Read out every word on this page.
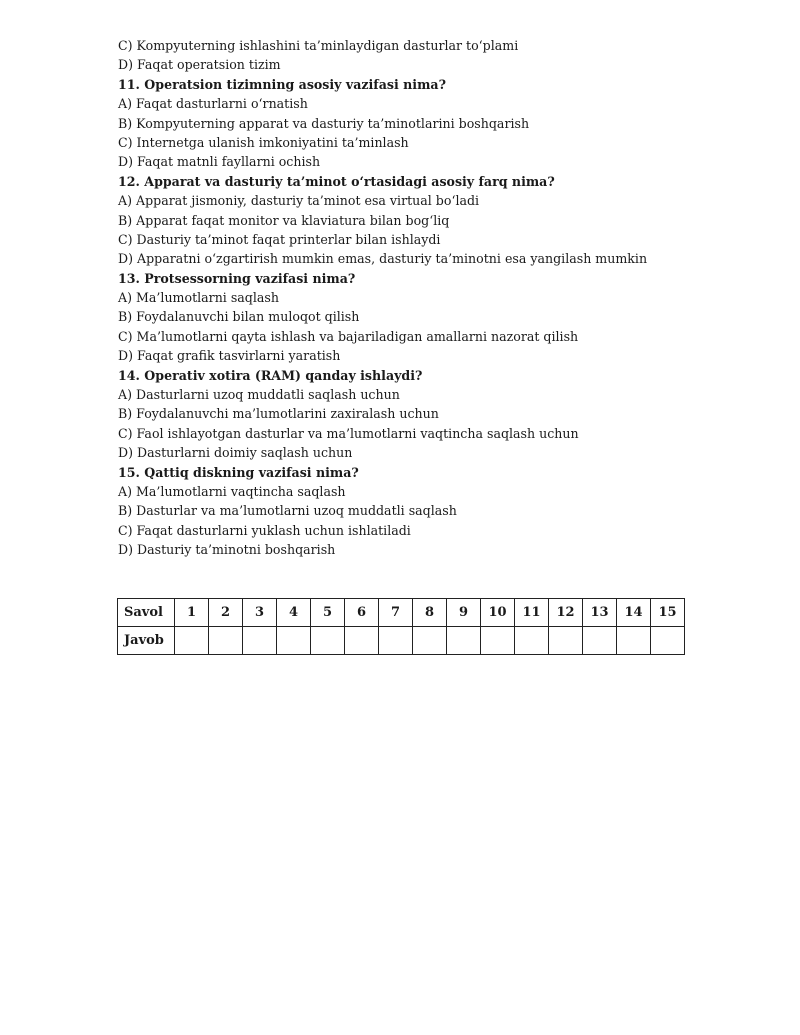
C) Kompyuterning ishlashini ta’minlaydigan dasturlar to‘plami
D) Faqat operatsion tizim
11. Operatsion tizimning asosiy vazifasi nima?
A) Faqat dasturlarni o‘rnatish
B) Kompyuterning apparat va dasturiy ta’minotlarini boshqarish
C) Internetga ulanish imkoniyatini ta’minlash
D) Faqat matnli fayllarni ochish
12. Apparat va dasturiy ta’minot o‘rtasidagi asosiy farq nima?
A) Apparat jismoniy, dasturiy ta’minot esa virtual bo‘ladi
B) Apparat faqat monitor va klaviatura bilan bog‘liq
C) Dasturiy ta’minot faqat printerlar bilan ishlaydi
D) Apparatni o‘zgartirish mumkin emas, dasturiy ta’minotni esa yangilash mumkin
13. Protsessorning vazifasi nima?
A) Ma’lumotlarni saqlash
B) Foydalanuvchi bilan muloqot qilish
C) Ma’lumotlarni qayta ishlash va bajariladigan amallarni nazorat qilish
D) Faqat grafik tasvirlarni yaratish
14. Operativ xotira (RAM) qanday ishlaydi?
A) Dasturlarni uzoq muddatli saqlash uchun
B) Foydalanuvchi ma’lumotlarini zaxiralash uchun
C) Faol ishlayotgan dasturlar va ma’lumotlarni vaqtincha saqlash uchun
D) Dasturlarni doimiy saqlash uchun
15. Qattiq diskning vazifasi nima?
A) Ma’lumotlarni vaqtincha saqlash
B) Dasturlar va ma’lumotlarni uzoq muddatli saqlash
C) Faqat dasturlarni yuklash uchun ishlatiladi
D) Dasturiy ta’minotni boshqarish
Savol	1	2	3	4	5	6	7	8	9	10	11	12	13	14	15
Javob															
